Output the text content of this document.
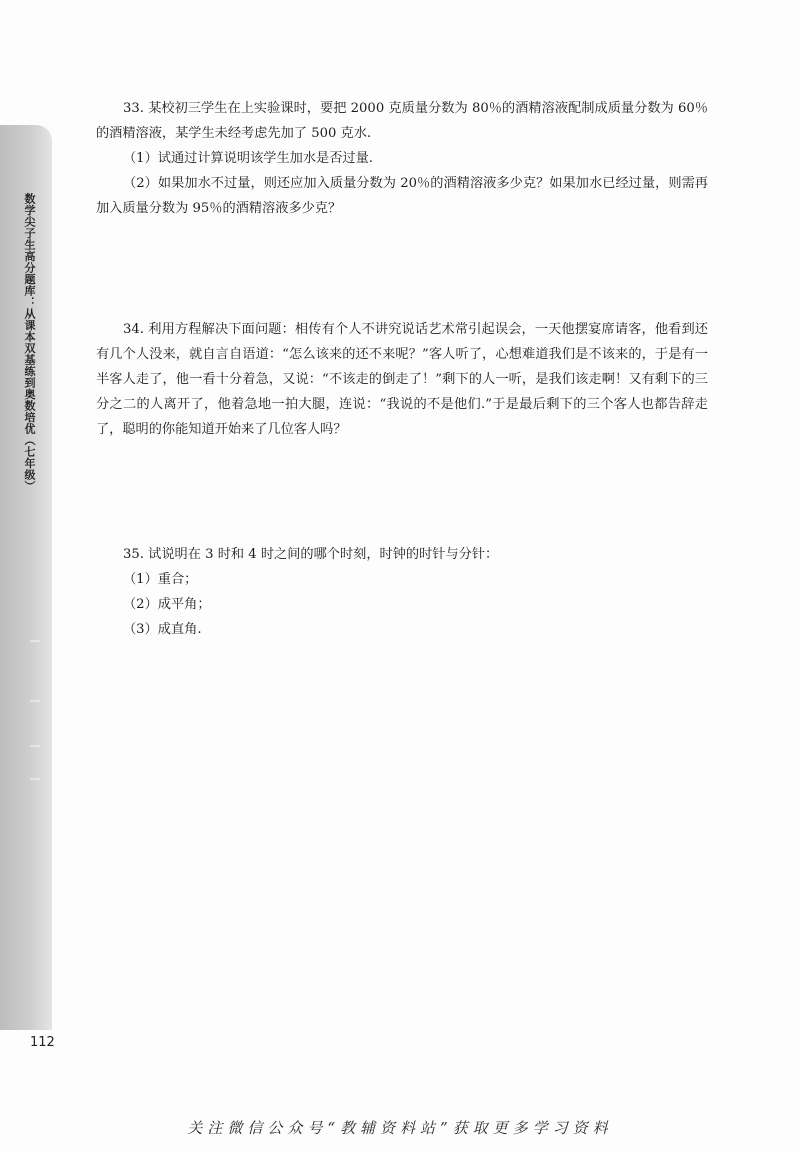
数学尖子生高分题库：从课本双基练到奥数培优（七年级）

33. 某校初三学生在上实验课时，要把 2000 克质量分数为 80％的酒精溶液配制成质量分数为 60％的酒精溶液，某学生未经考虑先加了 500 克水.

（1）试通过计算说明该学生加水是否过量.

（2）如果加水不过量，则还应加入质量分数为 20％的酒精溶液多少克？如果加水已经过量，则需再加入质量分数为 95％的酒精溶液多少克？

34. 利用方程解决下面问题：相传有个人不讲究说话艺术常引起误会，一天他摆宴席请客，他看到还有几个人没来，就自言自语道：“怎么该来的还不来呢？”客人听了，心想难道我们是不该来的，于是有一半客人走了，他一看十分着急，又说：“不该走的倒走了！”剩下的人一听，是我们该走啊！又有剩下的三分之二的人离开了，他着急地一拍大腿，连说：“我说的不是他们.”于是最后剩下的三个客人也都告辞走了，聪明的你能知道开始来了几位客人吗？

35. 试说明在 3 时和 4 时之间的哪个时刻，时钟的时针与分针：

（1）重合；

（2）成平角；

（3）成直角.

112
关注微信公众号“教辅资料站”获取更多学习资料
